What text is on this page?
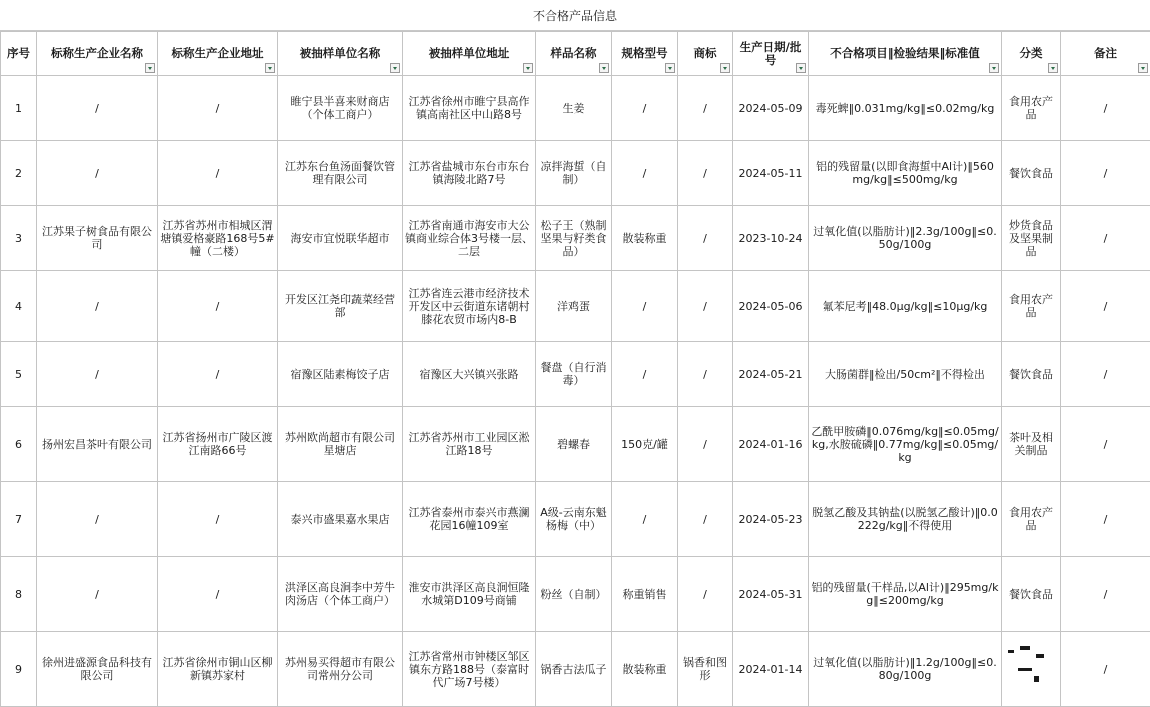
不合格产品信息
序号	标称生产企业名称	标称生产企业地址	被抽样单位名称	被抽样单位地址	样品名称	规格型号	商标	生产日期/批号	不合格项目‖检验结果‖标准值	分类	备注

1	/	/	睢宁县半喜来财商店（个体工商户）	江苏省徐州市睢宁县高作镇高南社区中山路8号	生姜	/	/	2024-05-09	毒死蜱‖0.031mg/kg‖≤0.02mg/kg	食用农产品	/
2	/	/	江苏东台鱼汤面餐饮管理有限公司	江苏省盐城市东台市东台镇海陵北路7号	凉拌海蜇（自制）	/	/	2024-05-11	铝的残留量(以即食海蜇中Al计)‖560mg/kg‖≤500mg/kg	餐饮食品	/
3	江苏果子树食品有限公司	江苏省苏州市相城区渭塘镇爱格豪路168号5#幢（二楼）	海安市宜悦联华超市	江苏省南通市海安市大公镇商业综合体3号楼一层、二层	松子王（熟制坚果与籽类食品）	散装称重	/	2023-10-24	过氧化值(以脂肪计)‖2.3g/100g‖≤0.50g/100g	炒货食品及坚果制品	/
4	/	/	开发区江尧印蔬菜经营部	江苏省连云港市经济技术开发区中云街道东诸朝村膝花农贸市场内8-B	洋鸡蛋	/	/	2024-05-06	氟苯尼考‖48.0μg/kg‖≤10μg/kg	食用农产品	/
5	/	/	宿豫区陆素梅饺子店	宿豫区大兴镇兴张路	餐盘（自行消毒）	/	/	2024-05-21	大肠菌群‖检出/50cm²‖不得检出	餐饮食品	/
6	扬州宏昌茶叶有限公司	江苏省扬州市广陵区渡江南路66号	苏州欧尚超市有限公司星塘店	江苏省苏州市工业园区淞江路18号	碧螺春	150克/罐	/	2024-01-16	乙酰甲胺磷‖0.076mg/kg‖≤0.05mg/kg,水胺硫磷‖0.77mg/kg‖≤0.05mg/kg	茶叶及相关制品	/
7	/	/	泰兴市盛果嘉水果店	江苏省泰州市泰兴市燕澜花园16幢109室	A级-云南东魁杨梅（中）	/	/	2024-05-23	脱氢乙酸及其钠盐(以脱氢乙酸计)‖0.0222g/kg‖不得使用	食用农产品	/
8	/	/	洪泽区高良涧李中芳牛肉汤店（个体工商户）	淮安市洪泽区高良涧恒隆水城第D109号商铺	粉丝（自制）	称重销售	/	2024-05-31	铝的残留量(干样品,以Al计)‖295mg/kg‖≤200mg/kg	餐饮食品	/
9	徐州进盛源食品科技有限公司	江苏省徐州市铜山区柳新镇苏家村	苏州易买得超市有限公司常州分公司	江苏省常州市钟楼区邹区镇东方路188号（泰富时代广场7号楼）	锅香古法瓜子	散装称重	锅香和图形	2024-01-14	过氧化值(以脂肪计)‖1.2g/100g‖≤0.80g/100g		/
